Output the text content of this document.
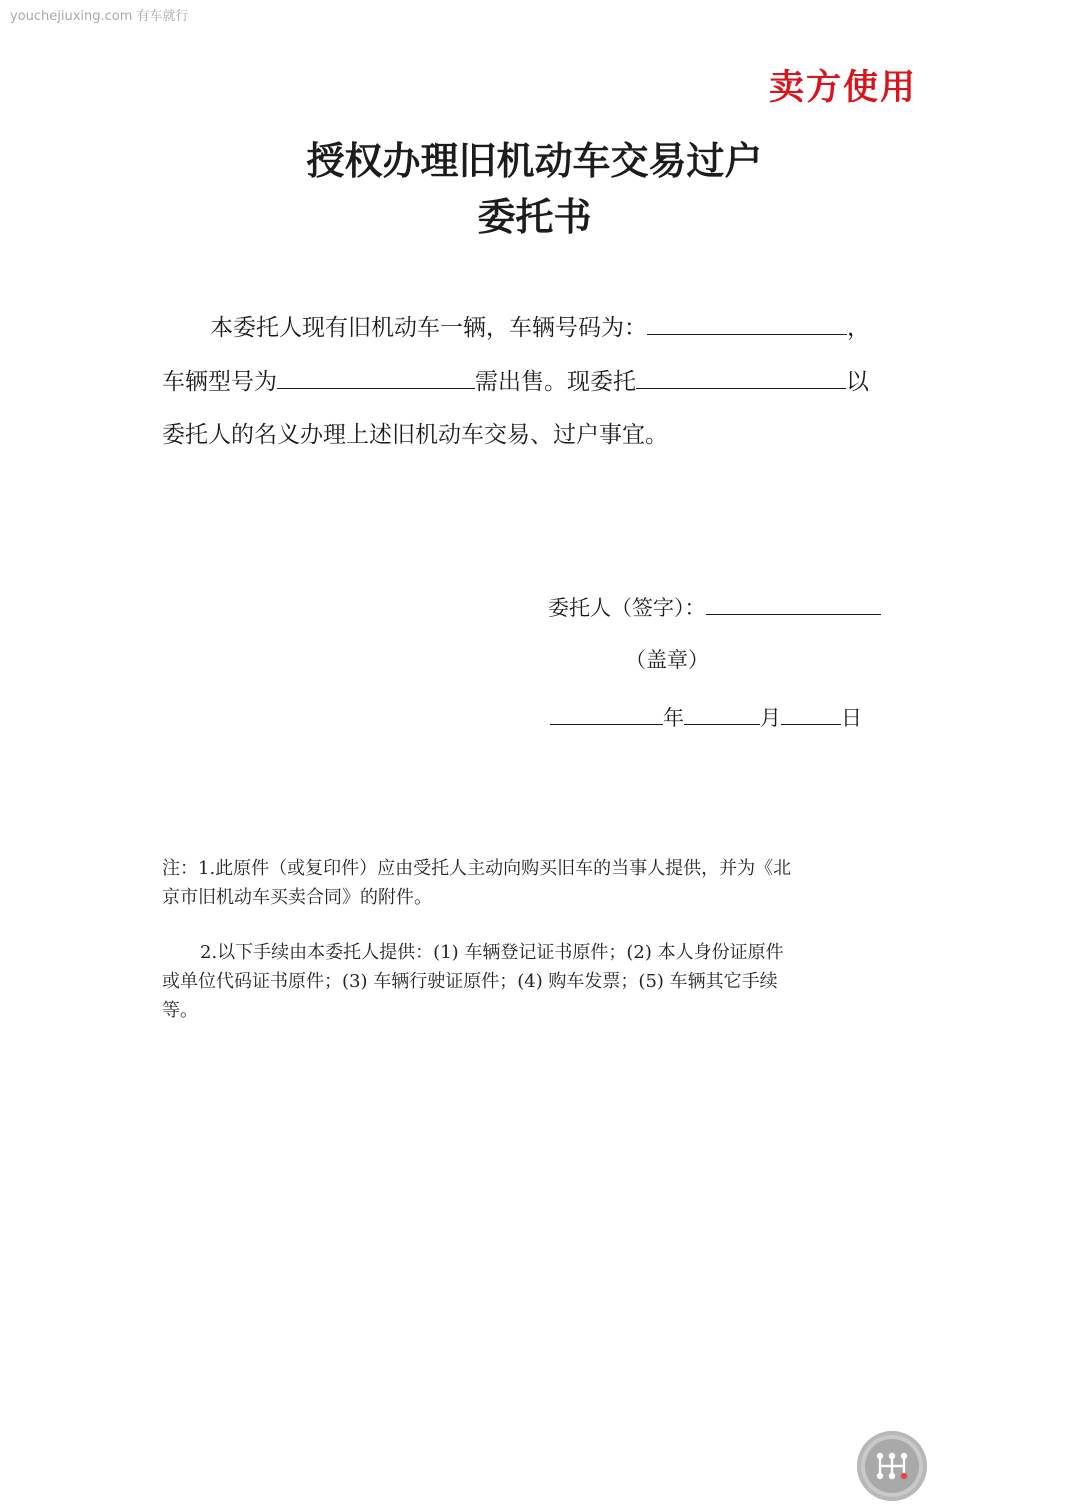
youchejiuxing.com 有车就行
卖方使用
授权办理旧机动车交易过户
委托书
本委托人现有旧机动车一辆，车辆号码为：	，
车辆型号为	需出售。现委托	以
委托人的名义办理上述旧机动车交易、过户事宜。
委托人（签字）：
（盖章）
年	月	日
注：1.此原件（或复印件）应由受托人主动向购买旧车的当事人提供，并为《北
京市旧机动车买卖合同》的附件。
2.以下手续由本委托人提供：(1) 车辆登记证书原件；(2) 本人身份证原件
或单位代码证书原件；(3) 车辆行驶证原件；(4) 购车发票；(5) 车辆其它手续
等。
